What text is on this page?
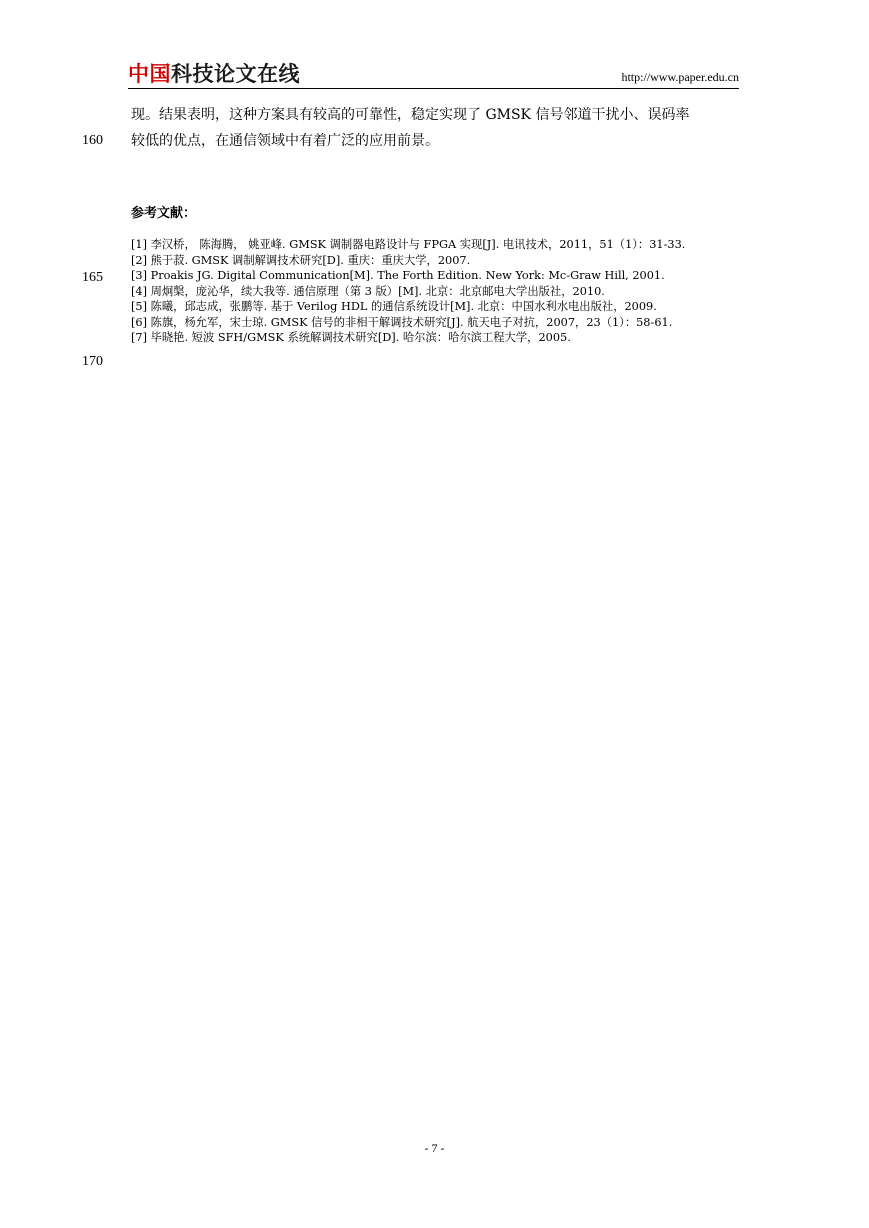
中国科技论文在线	http://www.paper.edu.cn
现。结果表明，这种方案具有较高的可靠性，稳定实现了 GMSK 信号邻道干扰小、误码率
160	较低的优点，在通信领域中有着广泛的应用前景。
参考文献：
165
[1] 李汉桥， 陈海腾， 姚亚峰. GMSK 调制器电路设计与 FPGA 实现[J]. 电讯技术，2011，51（1）：31-33.
[2] 熊于菽. GMSK 调制解调技术研究[D]. 重庆：重庆大学，2007.
[3] Proakis JG. Digital Communication[M]. The Forth Edition. New York: Mc-Graw Hill, 2001.
[4] 周炯槃，庞沁华，续大我等. 通信原理（第 3 版）[M]. 北京：北京邮电大学出版社，2010.
[5] 陈曦，邱志成，张鹏等. 基于 Verilog HDL 的通信系统设计[M]. 北京：中国水利水电出版社，2009.
[6] 陈旗，杨允军，宋士琼. GMSK 信号的非相干解调技术研究[J]. 航天电子对抗，2007，23（1）：58-61.
[7] 毕晓艳. 短波 SFH/GMSK 系统解调技术研究[D]. 哈尔滨：哈尔滨工程大学，2005.
170
- 7 -
